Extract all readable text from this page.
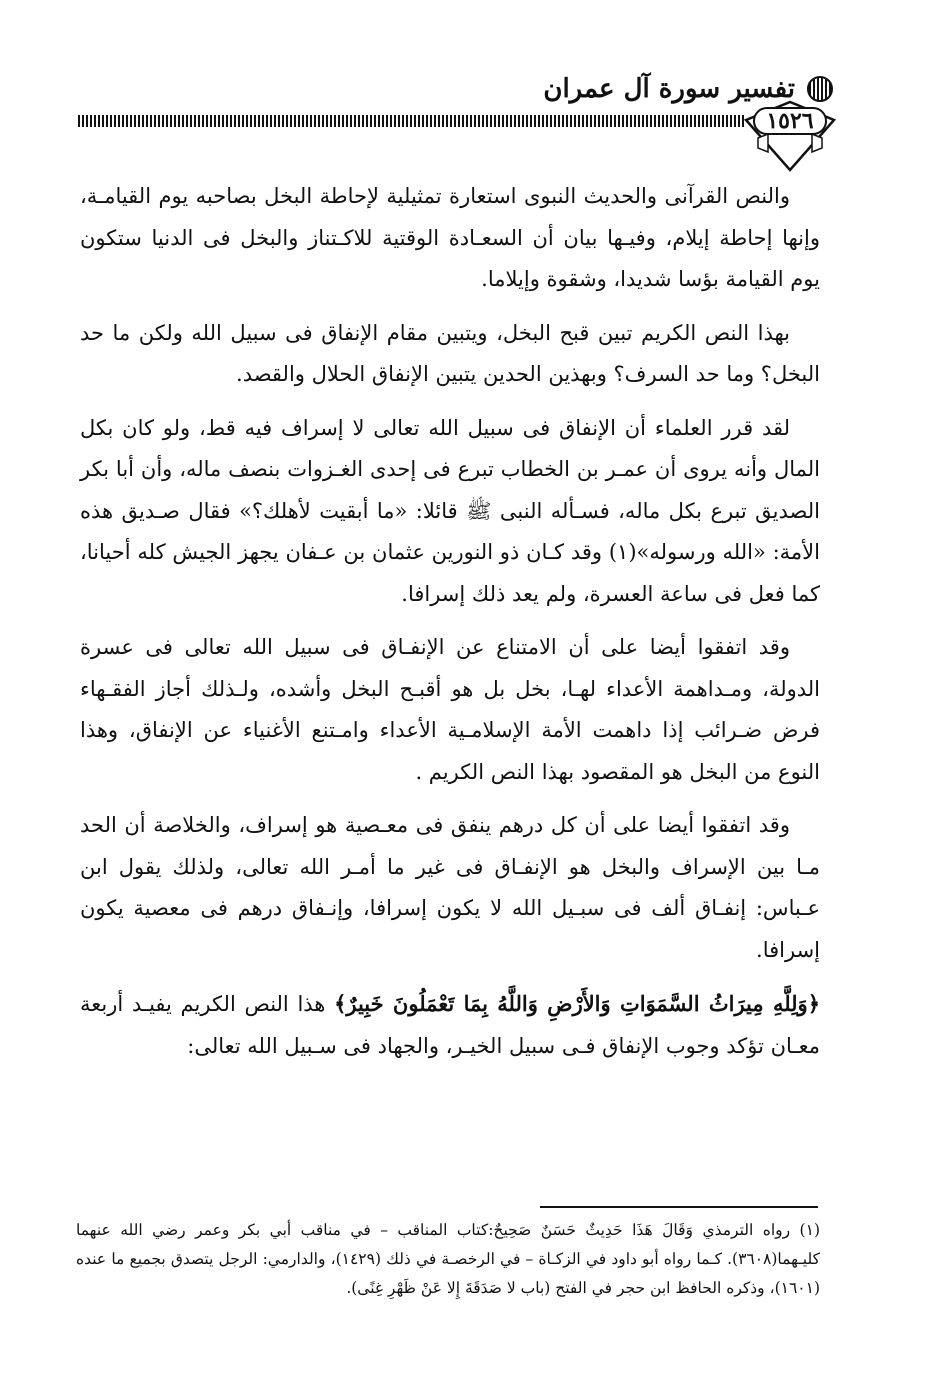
تفسير سورة آل عمران
١٥٢٦

والنص القرآنى والحديث النبوى استعارة تمثيلية لإحاطة البخل بصاحبه يوم القيامـة، وإنها إحاطة إيلام، وفيـها بيان أن السعـادة الوقتية للاكـتناز والبخل فى الدنيا ستكون يوم القيامة بؤسا شديدا، وشقوة وإيلاما.

بهذا النص الكريم تبين قبح البخل، ويتبين مقام الإنفاق فى سبيل الله ولكن ما حد البخل؟ وما حد السرف؟ وبهذين الحدين يتبين الإنفاق الحلال والقصد.

لقد قرر العلماء أن الإنفاق فى سبيل الله تعالى لا إسراف فيه قط، ولو كان بكل المال وأنه يروى أن عمـر بن الخطاب تبرع فى إحدى الغـزوات بنصف ماله، وأن أبا بكر الصديق تبرع بكل ماله، فسـأله النبى ﷺ قائلا: «ما أبقيت لأهلك؟» فقال صـديق هذه الأمة: «الله ورسوله»(١) وقد كـان ذو النورين عثمان بن عـفان يجهز الجيش كله أحيانا، كما فعل فى ساعة العسرة، ولم يعد ذلك إسرافا.

وقد اتفقوا أيضا على أن الامتناع عن الإنفـاق فى سبيل الله تعالى فى عسرة الدولة، ومـداهمة الأعداء لهـا، بخل بل هو أقبـح البخل وأشده، ولـذلك أجاز الفقـهاء فرض ضـرائب إذا داهمت الأمة الإسلامـية الأعداء وامـتنع الأغنياء عن الإنفاق، وهذا النوع من البخل هو المقصود بهذا النص الكريم .

وقد اتفقوا أيضا على أن كل درهم ينفق فى معـصية هو إسراف، والخلاصة أن الحد مـا بين الإسراف والبخل هو الإنفـاق فى غير ما أمـر الله تعالى، ولذلك يقول ابن عـباس: إنفـاق ألف فى سبـيل الله لا يكون إسرافا، وإنـفاق درهم فى معصية يكون إسرافا.

﴿وَلِلَّهِ مِيرَاثُ السَّمَوَاتِ وَالأَرْضِ وَاللَّهُ بِمَا تَعْمَلُونَ خَبِيرٌ﴾ هذا النص الكريم يفيـد أربعة معـان تؤكد وجوب الإنفاق فـى سبيل الخيـر، والجهاد فى سـبيل الله تعالى:

(١) رواه الترمذي وَقَالَ هَذَا حَدِيثٌ حَسَنٌ صَحِيحٌ:كتاب المناقب – في مناقب أبي بكر وعمر رضي الله عنهما كليـهما(٣٦٠٨). كـما رواه أبو داود في الزكـاة – في الرخصـة في ذلك (١٤٢٩)، والدارمي: الرجل يتصدق بجميع ما عنده (١٦٠١)، وذكره الحافظ ابن حجر في الفتح (باب لا صَدَقَةَ إِلا عَنْ ظَهْرِ غِنًى).
